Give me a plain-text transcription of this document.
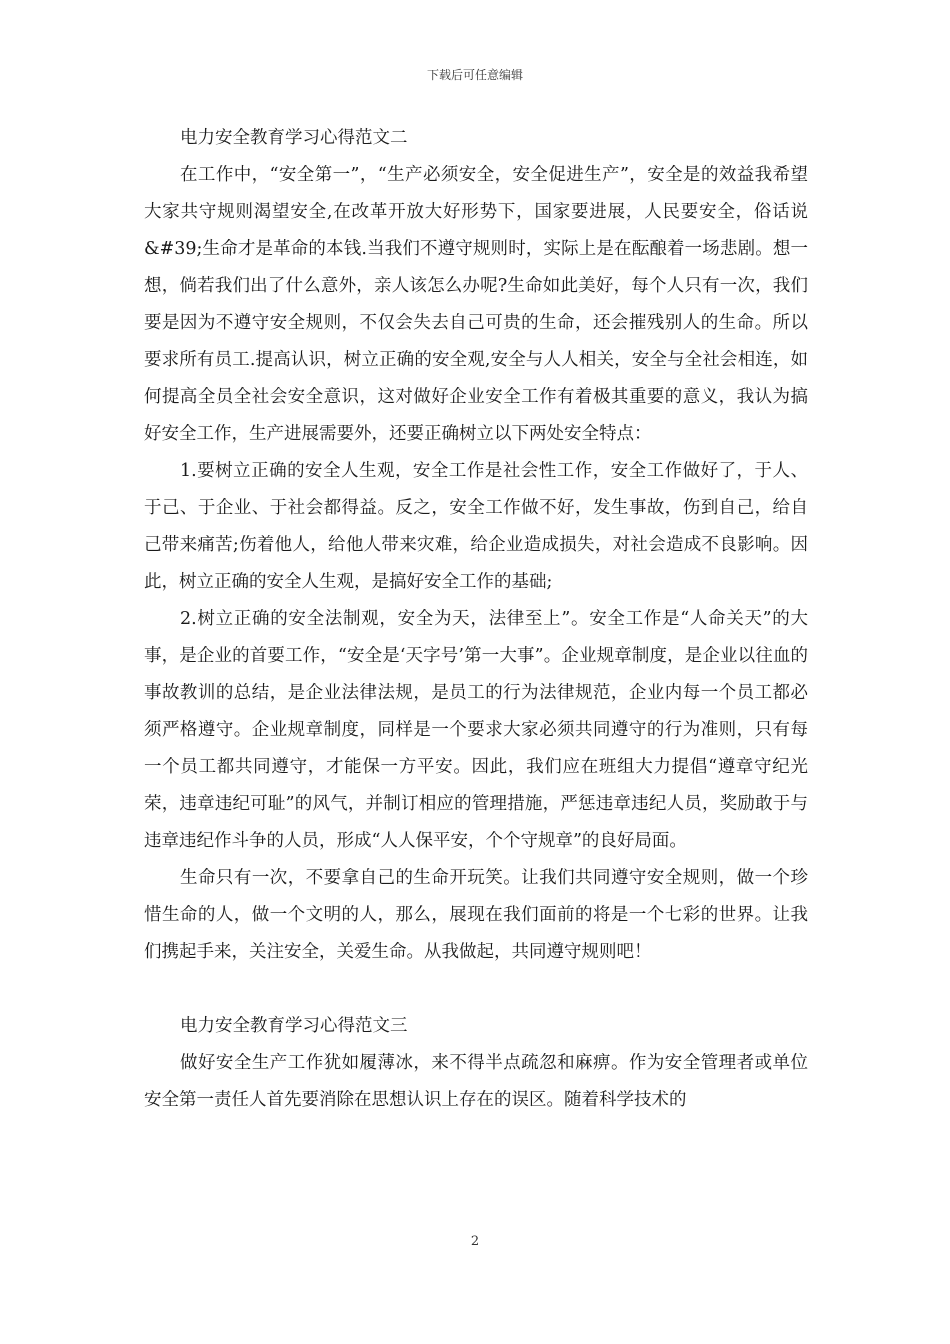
下载后可任意编辑

电力安全教育学习心得范文二

在工作中，“安全第一”，“生产必须安全，安全促进生产”，安全是的效益我希望大家共守规则渴望安全,在改革开放大好形势下，国家要进展，人民要安全，俗话说&#39;生命才是革命的本钱.当我们不遵守规则时，实际上是在酝酿着一场悲剧。想一想，倘若我们出了什么意外，亲人该怎么办呢?生命如此美好，每个人只有一次，我们要是因为不遵守安全规则，不仅会失去自己可贵的生命，还会摧残别人的生命。所以要求所有员工.提高认识，树立正确的安全观,安全与人人相关，安全与全社会相连，如何提高全员全社会安全意识，这对做好企业安全工作有着极其重要的意义，我认为搞好安全工作，生产进展需要外，还要正确树立以下两处安全特点：

1.要树立正确的安全人生观，安全工作是社会性工作，安全工作做好了，于人、于己、于企业、于社会都得益。反之，安全工作做不好，发生事故，伤到自己，给自己带来痛苦;伤着他人，给他人带来灾难，给企业造成损失，对社会造成不良影响。因此，树立正确的安全人生观，是搞好安全工作的基础;

2.树立正确的安全法制观，安全为天，法律至上”。安全工作是“人命关天”的大事，是企业的首要工作，“安全是‘天字号’第一大事”。企业规章制度，是企业以往血的事故教训的总结，是企业法律法规，是员工的行为法律规范，企业内每一个员工都必须严格遵守。企业规章制度，同样是一个要求大家必须共同遵守的行为准则，只有每一个员工都共同遵守，才能保一方平安。因此，我们应在班组大力提倡“遵章守纪光荣，违章违纪可耻”的风气，并制订相应的管理措施，严惩违章违纪人员，奖励敢于与违章违纪作斗争的人员，形成“人人保平安，个个守规章”的良好局面。

生命只有一次，不要拿自己的生命开玩笑。让我们共同遵守安全规则，做一个珍惜生命的人，做一个文明的人，那么，展现在我们面前的将是一个七彩的世界。让我们携起手来，关注安全，关爱生命。从我做起，共同遵守规则吧！

电力安全教育学习心得范文三

做好安全生产工作犹如履薄冰，来不得半点疏忽和麻痹。作为安全管理者或单位安全第一责任人首先要消除在思想认识上存在的误区。随着科学技术的

2
